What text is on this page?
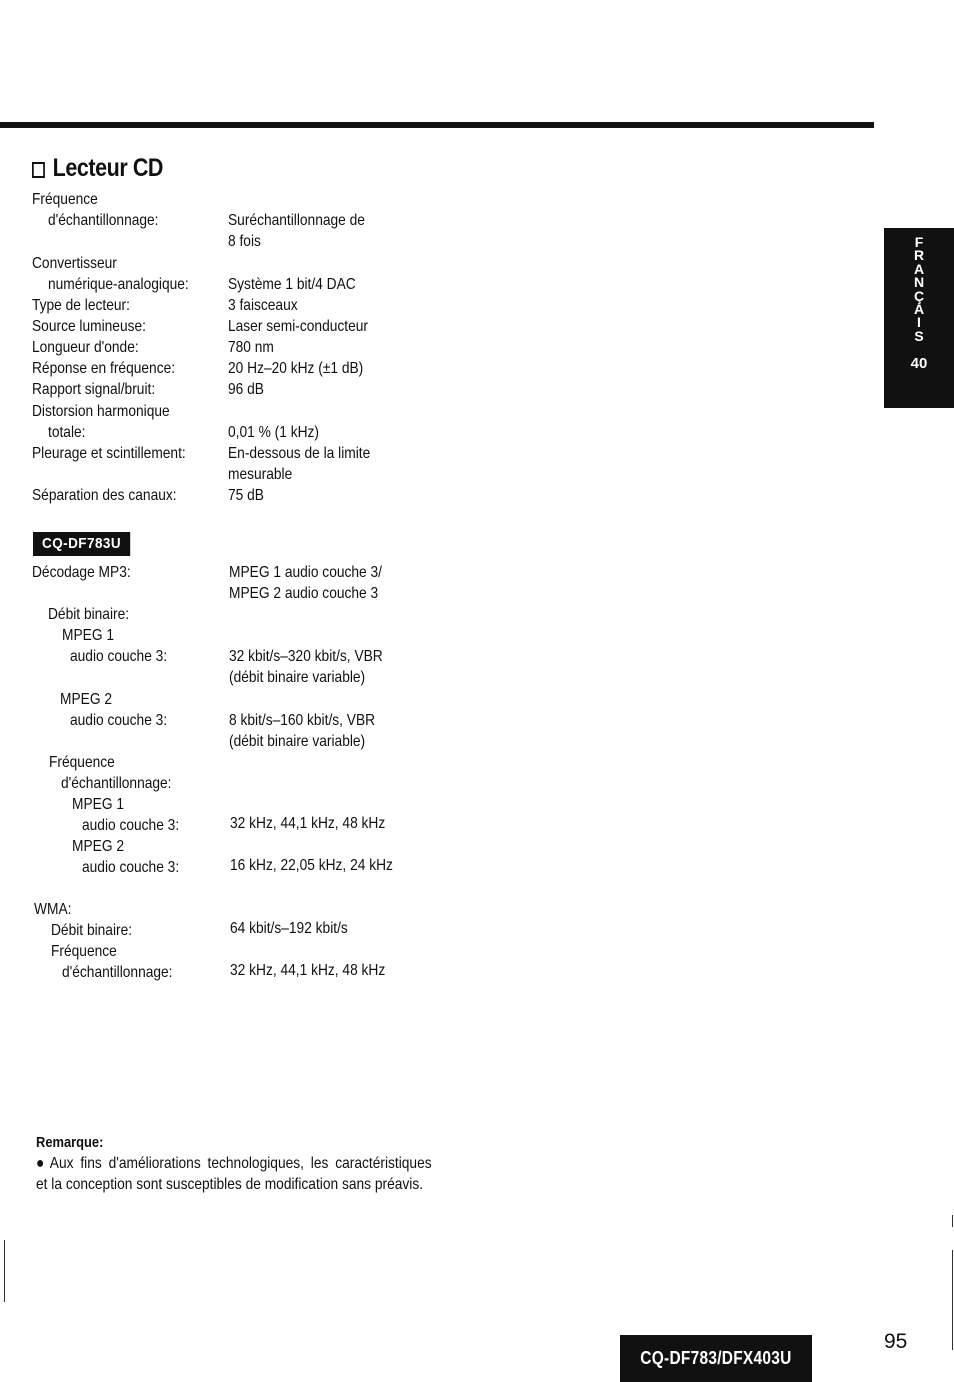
Lecteur CD
Fréquence
d'échantillonnage:	Suréchantillonnage de
8 fois
Convertisseur
numérique-analogique: Système 1 bit/4 DAC
Type de lecteur:	3 faisceaux
Source lumineuse:	Laser semi-conducteur
Longueur d'onde:	780 nm
Réponse en fréquence:	20 Hz–20 kHz (±1 dB)
Rapport signal/bruit:	96 dB
Distorsion harmonique
totale:	0,01 % (1 kHz)
Pleurage et scintillement:	En-dessous de la limite
mesurable
Séparation des canaux:	75 dB
CQ-DF783U
Décodage MP3:	MPEG 1 audio couche 3/
MPEG 2 audio couche 3
Débit binaire:
MPEG 1
audio couche 3:	32 kbit/s–320 kbit/s, VBR
(débit binaire variable)
MPEG 2
audio couche 3:	8 kbit/s–160 kbit/s, VBR
(débit binaire variable)
Fréquence
d'échantillonnage:
MPEG 1
audio couche 3:	32 kHz, 44,1 kHz, 48 kHz
MPEG 2
audio couche 3:	16 kHz, 22,05 kHz, 24 kHz
WMA:
Débit binaire:	64 kbit/s–192 kbit/s
Fréquence
d'échantillonnage:	32 kHz, 44,1 kHz, 48 kHz
F
R
A
N
Ç
A
I
S
40
Remarque:
● Aux fins d'améliorations technologiques, les caractéristiques et la conception sont susceptibles de modification sans préavis.
CQ-DF783/DFX403U
95
